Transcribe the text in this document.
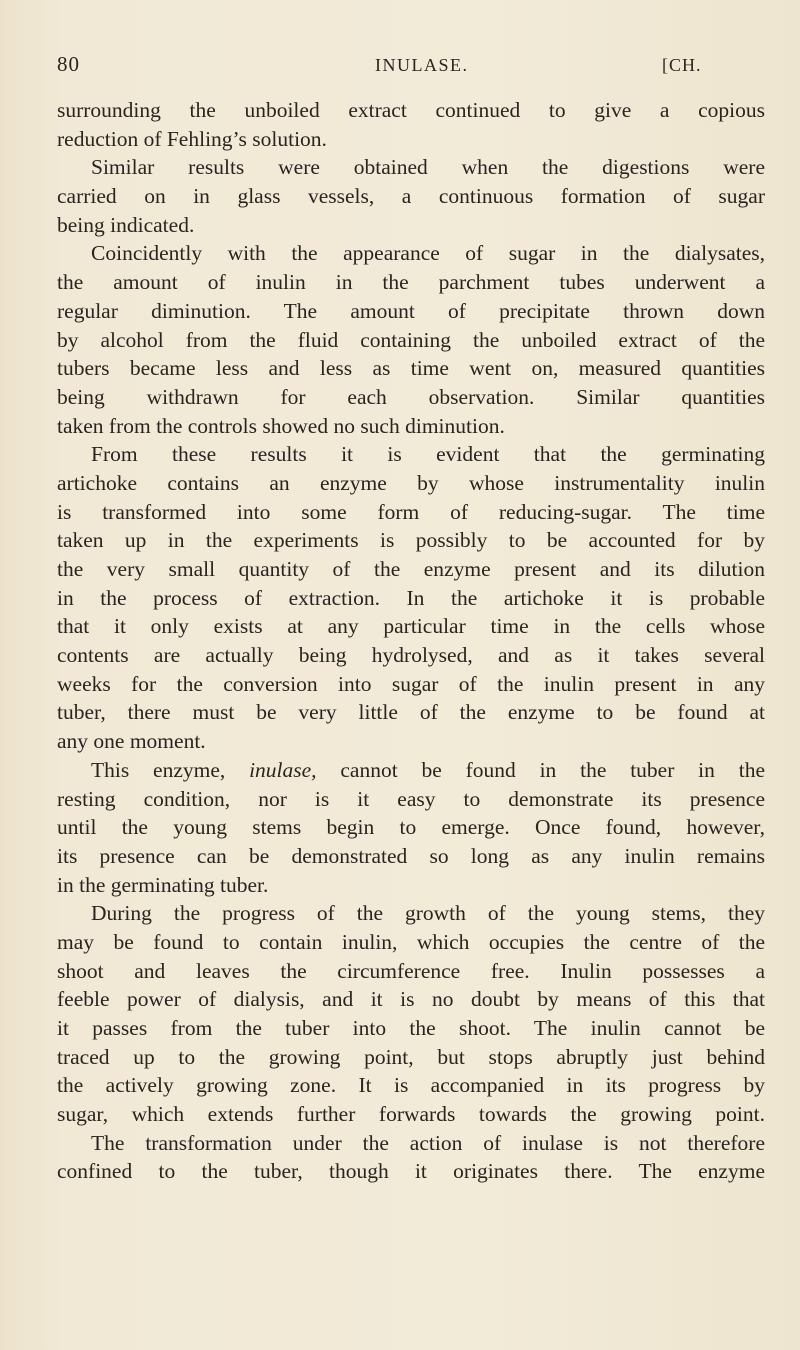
80	INULASE.	[CH.
surrounding the unboiled extract continued to give a copious
reduction of Fehling’s solution.
Similar results were obtained when the digestions were
carried on in glass vessels, a continuous formation of sugar
being indicated.
Coincidently with the appearance of sugar in the dialysates,
the amount of inulin in the parchment tubes underwent a
regular diminution. The amount of precipitate thrown down
by alcohol from the fluid containing the unboiled extract of the
tubers became less and less as time went on, measured quantities
being withdrawn for each observation. Similar quantities
taken from the controls showed no such diminution.
From these results it is evident that the germinating
artichoke contains an enzyme by whose instrumentality inulin
is transformed into some form of reducing-sugar. The time
taken up in the experiments is possibly to be accounted for by
the very small quantity of the enzyme present and its dilution
in the process of extraction. In the artichoke it is probable
that it only exists at any particular time in the cells whose
contents are actually being hydrolysed, and as it takes several
weeks for the conversion into sugar of the inulin present in any
tuber, there must be very little of the enzyme to be found at
any one moment.
This enzyme, inulase, cannot be found in the tuber in the
resting condition, nor is it easy to demonstrate its presence
until the young stems begin to emerge. Once found, however,
its presence can be demonstrated so long as any inulin remains
in the germinating tuber.
During the progress of the growth of the young stems, they
may be found to contain inulin, which occupies the centre of the
shoot and leaves the circumference free. Inulin possesses a
feeble power of dialysis, and it is no doubt by means of this that
it passes from the tuber into the shoot. The inulin cannot be
traced up to the growing point, but stops abruptly just behind
the actively growing zone. It is accompanied in its progress by
sugar, which extends further forwards towards the growing point.
The transformation under the action of inulase is not therefore
confined to the tuber, though it originates there. The enzyme
